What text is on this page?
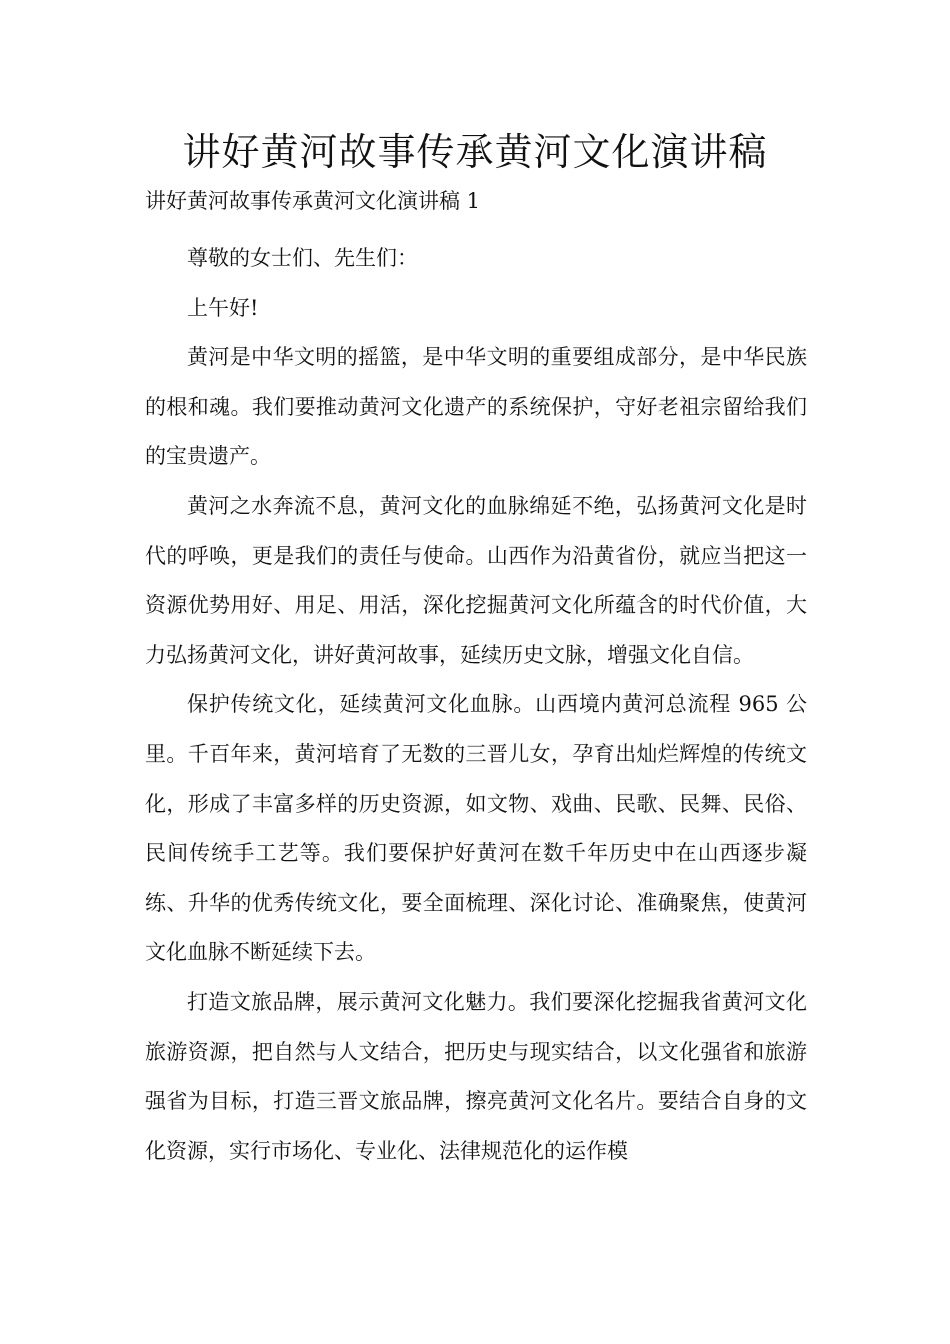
讲好黄河故事传承黄河文化演讲稿

讲好黄河故事传承黄河文化演讲稿 1

尊敬的女士们、先生们：

上午好!

黄河是中华文明的摇篮，是中华文明的重要组成部分，是中华民族的根和魂。我们要推动黄河文化遗产的系统保护，守好老祖宗留给我们的宝贵遗产。

黄河之水奔流不息，黄河文化的血脉绵延不绝，弘扬黄河文化是时代的呼唤，更是我们的责任与使命。山西作为沿黄省份，就应当把这一资源优势用好、用足、用活，深化挖掘黄河文化所蕴含的时代价值，大力弘扬黄河文化，讲好黄河故事，延续历史文脉，增强文化自信。

保护传统文化，延续黄河文化血脉。山西境内黄河总流程 965 公里。千百年来，黄河培育了无数的三晋儿女，孕育出灿烂辉煌的传统文化，形成了丰富多样的历史资源，如文物、戏曲、民歌、民舞、民俗、民间传统手工艺等。我们要保护好黄河在数千年历史中在山西逐步凝练、升华的优秀传统文化，要全面梳理、深化讨论、准确聚焦，使黄河文化血脉不断延续下去。

打造文旅品牌，展示黄河文化魅力。我们要深化挖掘我省黄河文化旅游资源，把自然与人文结合，把历史与现实结合，以文化强省和旅游强省为目标，打造三晋文旅品牌，擦亮黄河文化名片。要结合自身的文化资源，实行市场化、专业化、法律规范化的运作模
